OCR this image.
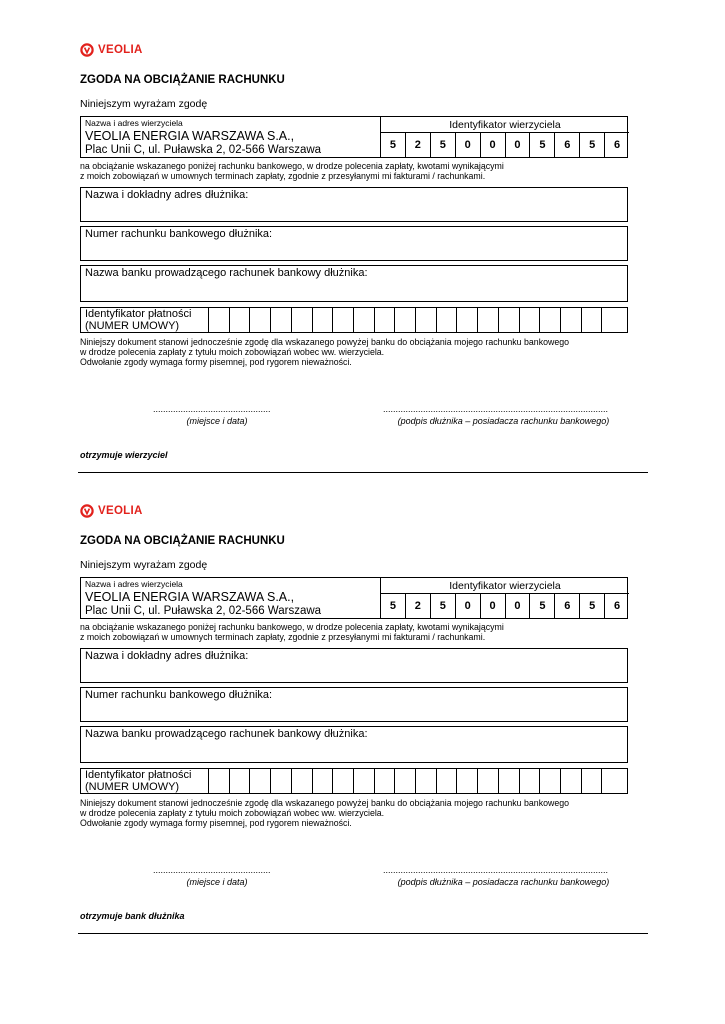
VEOLIA
ZGODA NA OBCIĄŻANIE RACHUNKU
Niniejszym wyrażam zgodę
Nazwa i adres wierzyciela
VEOLIA ENERGIA WARSZAWA S.A.,
Plac Unii C, ul. Puławska 2, 02-566 Warszawa
Identyfikator wierzyciela
5	2	5	0	0	0	5	6	5	6
na obciążanie wskazanego poniżej rachunku bankowego, w drodze polecenia zapłaty, kwotami wynikającymi
z moich zobowiązań w umownych terminach zapłaty, zgodnie z przesyłanymi mi fakturami / rachunkami.
Nazwa i dokładny adres dłużnika:
Numer rachunku bankowego dłużnika:
Nazwa banku prowadzącego rachunek bankowy dłużnika:
Identyfikator płatności
(NUMER UMOWY)
Niniejszy dokument stanowi jednocześnie zgodę dla wskazanego powyżej banku do obciążania mojego rachunku bankowego
w drodze polecenia zapłaty z tytułu moich zobowiązań wobec ww. wierzyciela.
Odwołanie zgody wymaga formy pisemnej, pod rygorem nieważności.
...............................................
(miejsce i data)
..........................................................................................
(podpis dłużnika – posiadacza rachunku bankowego)
otrzymuje wierzyciel
VEOLIA
ZGODA NA OBCIĄŻANIE RACHUNKU
Niniejszym wyrażam zgodę
Nazwa i adres wierzyciela
VEOLIA ENERGIA WARSZAWA S.A.,
Plac Unii C, ul. Puławska 2, 02-566 Warszawa
Identyfikator wierzyciela
5	2	5	0	0	0	5	6	5	6
na obciążanie wskazanego poniżej rachunku bankowego, w drodze polecenia zapłaty, kwotami wynikającymi
z moich zobowiązań w umownych terminach zapłaty, zgodnie z przesyłanymi mi fakturami / rachunkami.
Nazwa i dokładny adres dłużnika:
Numer rachunku bankowego dłużnika:
Nazwa banku prowadzącego rachunek bankowy dłużnika:
Identyfikator płatności
(NUMER UMOWY)
Niniejszy dokument stanowi jednocześnie zgodę dla wskazanego powyżej banku do obciążania mojego rachunku bankowego
w drodze polecenia zapłaty z tytułu moich zobowiązań wobec ww. wierzyciela.
Odwołanie zgody wymaga formy pisemnej, pod rygorem nieważności.
...............................................
(miejsce i data)
..........................................................................................
(podpis dłużnika – posiadacza rachunku bankowego)
otrzymuje bank dłużnika
